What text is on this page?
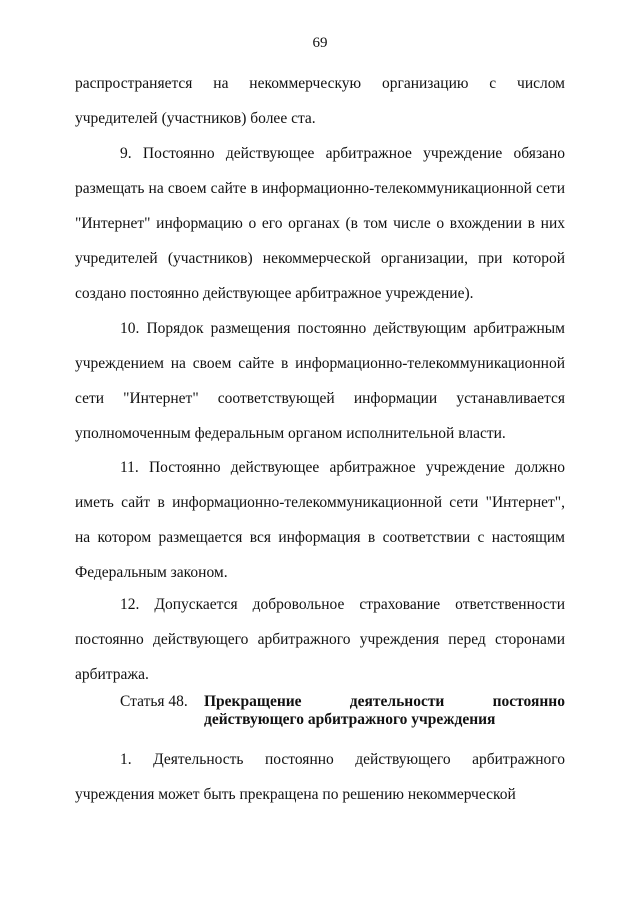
69

распространяется на некоммерческую организацию с числом учредителей (участников) более ста.

9. Постоянно действующее арбитражное учреждение обязано размещать на своем сайте в информационно-телекоммуникационной сети "Интернет" информацию о его органах (в том числе о вхождении в них учредителей (участников) некоммерческой организации, при которой создано постоянно действующее арбитражное учреждение).

10. Порядок размещения постоянно действующим арбитражным учреждением на своем сайте в информационно-телекоммуникационной сети "Интернет" соответствующей информации устанавливается уполномоченным федеральным органом исполнительной власти.

11. Постоянно действующее арбитражное учреждение должно иметь сайт в информационно-телекоммуникационной сети "Интернет", на котором размещается вся информация в соответствии с настоящим Федеральным законом.

12. Допускается добровольное страхование ответственности постоянно действующего арбитражного учреждения перед сторонами арбитража.

Статья 48.	Прекращение деятельности постоянно действующего арбитражного учреждения

1. Деятельность постоянно действующего арбитражного учреждения может быть прекращена по решению некоммерческой
